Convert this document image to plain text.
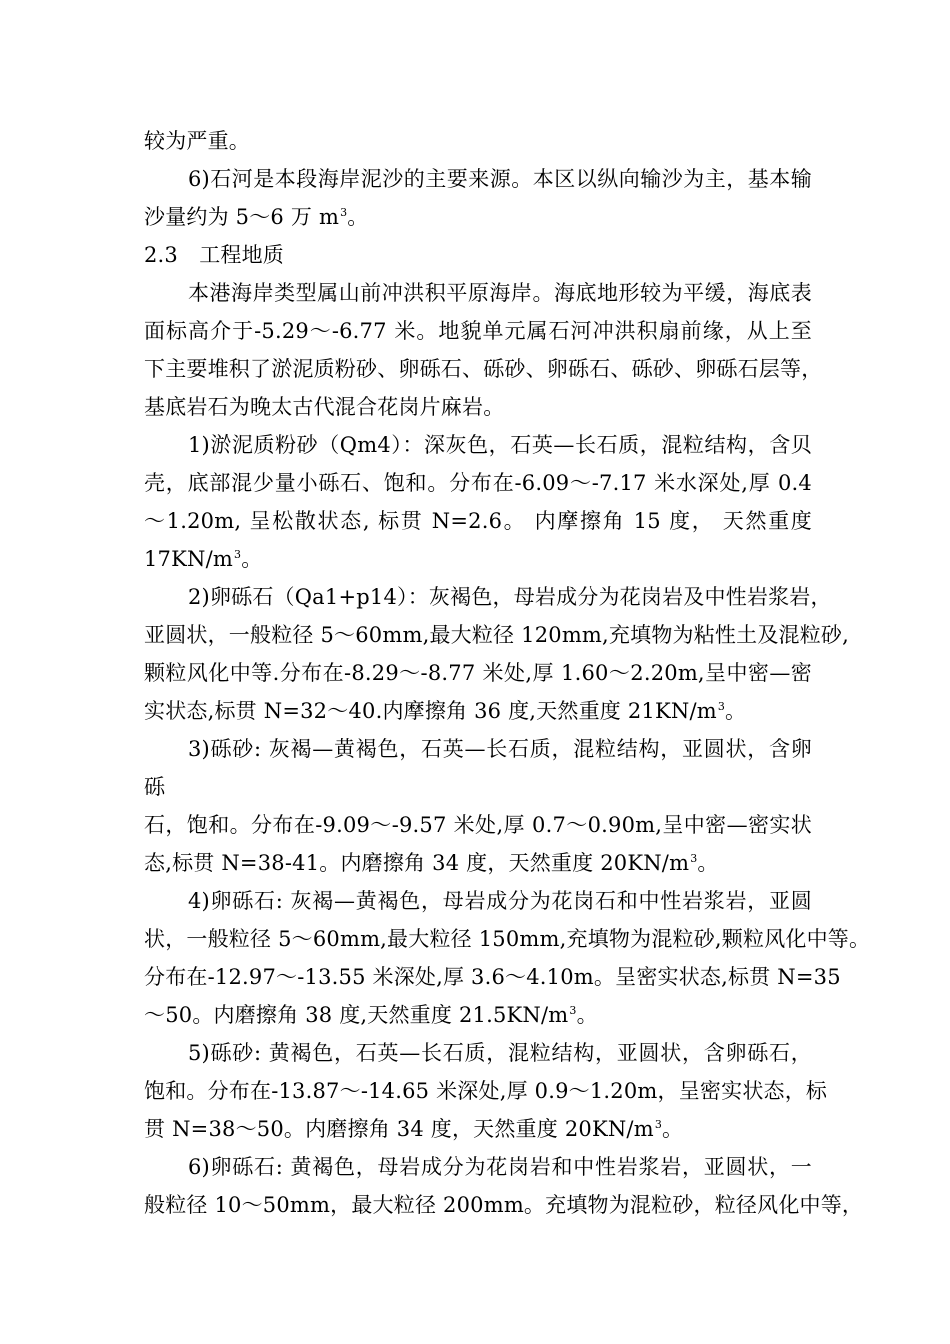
较为严重。
6)石河是本段海岸泥沙的主要来源。本区以纵向输沙为主，基本输
沙量约为 5～6 万 $m^3$。
2.3　工程地质
本港海岸类型属山前冲洪积平原海岸。海底地形较为平缓，海底表
面标高介于-5.29～-6.77 米。地貌单元属石河冲洪积扇前缘，从上至
下主要堆积了淤泥质粉砂、卵砾石、砾砂、卵砾石、砾砂、卵砾石层等，
基底岩石为晚太古代混合花岗片麻岩。
1)淤泥质粉砂（Qm4）：深灰色，石英—长石质，混粒结构，含贝
壳，底部混少量小砾石、饱和。分布在-6.09～-7.17 米水深处,厚 0.4
～1.20m, 呈松散状态, 标贯 N=2.6。 内摩擦角 15 度， 天然重度
$17KN/m^3$。
2)卵砾石（Qa1+p14）：灰褐色，母岩成分为花岗岩及中性岩浆岩，
亚圆状，一般粒径 5～60mm,最大粒径 120mm,充填物为粘性土及混粒砂,
颗粒风化中等.分布在-8.29～-8.77 米处,厚 1.60～2.20m,呈中密—密
实状态,标贯 N=32～40.内摩擦角 36 度,天然重度 $21KN/m^3$。
3)砾砂: 灰褐—黄褐色，石英—长石质，混粒结构，亚圆状，含卵
砾
石，饱和。分布在-9.09～-9.57 米处,厚 0.7～0.90m,呈中密—密实状
态,标贯 N=38-41。内磨擦角 34 度，天然重度 $20KN/m^3$。
4)卵砾石: 灰褐—黄褐色，母岩成分为花岗石和中性岩浆岩，亚圆
状，一般粒径 5～60mm,最大粒径 150mm,充填物为混粒砂,颗粒风化中等。
分布在-12.97～-13.55 米深处,厚 3.6～4.10m。呈密实状态,标贯 N=35
～50。内磨擦角 38 度,天然重度 $21.5KN/m^3$。
5)砾砂: 黄褐色，石英—长石质，混粒结构，亚圆状，含卵砾石，
饱和。分布在-13.87～-14.65 米深处,厚 0.9～1.20m，呈密实状态，标
贯 N=38～50。内磨擦角 34 度，天然重度 $20KN/m^3$。
6)卵砾石: 黄褐色，母岩成分为花岗岩和中性岩浆岩，亚圆状，一
般粒径 10～50mm，最大粒径 200mm。充填物为混粒砂，粒径风化中等，
